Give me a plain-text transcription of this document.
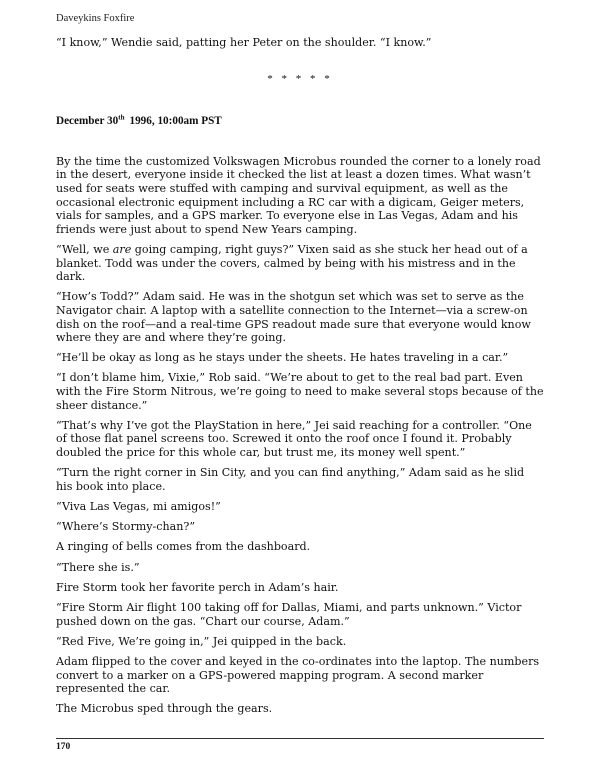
Daveykins Foxfire

“I know,” Wendie said, patting her Peter on the shoulder. “I know.”

* * * * *

December 30th 1996, 10:00am PST

By the time the customized Volkswagen Microbus rounded the corner to a lonely road in the desert, everyone inside it checked the list at least a dozen times. What wasn’t used for seats were stuffed with camping and survival equipment, as well as the occasional electronic equipment including a RC car with a digicam, Geiger meters, vials for samples, and a GPS marker. To everyone else in Las Vegas, Adam and his friends were just about to spend New Years camping.

“Well, we are going camping, right guys?” Vixen said as she stuck her head out of a blanket. Todd was under the covers, calmed by being with his mistress and in the dark.

“How’s Todd?” Adam said. He was in the shotgun set which was set to serve as the Navigator chair. A laptop with a satellite connection to the Internet—via a screw-on dish on the roof—and a real-time GPS readout made sure that everyone would know where they are and where they’re going.

“He’ll be okay as long as he stays under the sheets. He hates traveling in a car.”

“I don’t blame him, Vixie,” Rob said. “We’re about to get to the real bad part. Even with the Fire Storm Nitrous, we’re going to need to make several stops because of the sheer distance.”

“That’s why I’ve got the PlayStation in here,” Jei said reaching for a controller. “One of those flat panel screens too. Screwed it onto the roof once I found it. Probably doubled the price for this whole car, but trust me, its money well spent.”

“Turn the right corner in Sin City, and you can find anything,” Adam said as he slid his book into place.

“Viva Las Vegas, mi amigos!”

“Where’s Stormy-chan?”

A ringing of bells comes from the dashboard.

“There she is.”

Fire Storm took her favorite perch in Adam’s hair.

“Fire Storm Air flight 100 taking off for Dallas, Miami, and parts unknown.” Victor pushed down on the gas. “Chart our course, Adam.”

“Red Five, We’re going in,” Jei quipped in the back.

Adam flipped to the cover and keyed in the co-ordinates into the laptop. The numbers convert to a marker on a GPS-powered mapping program. A second marker represented the car.

The Microbus sped through the gears.

170
